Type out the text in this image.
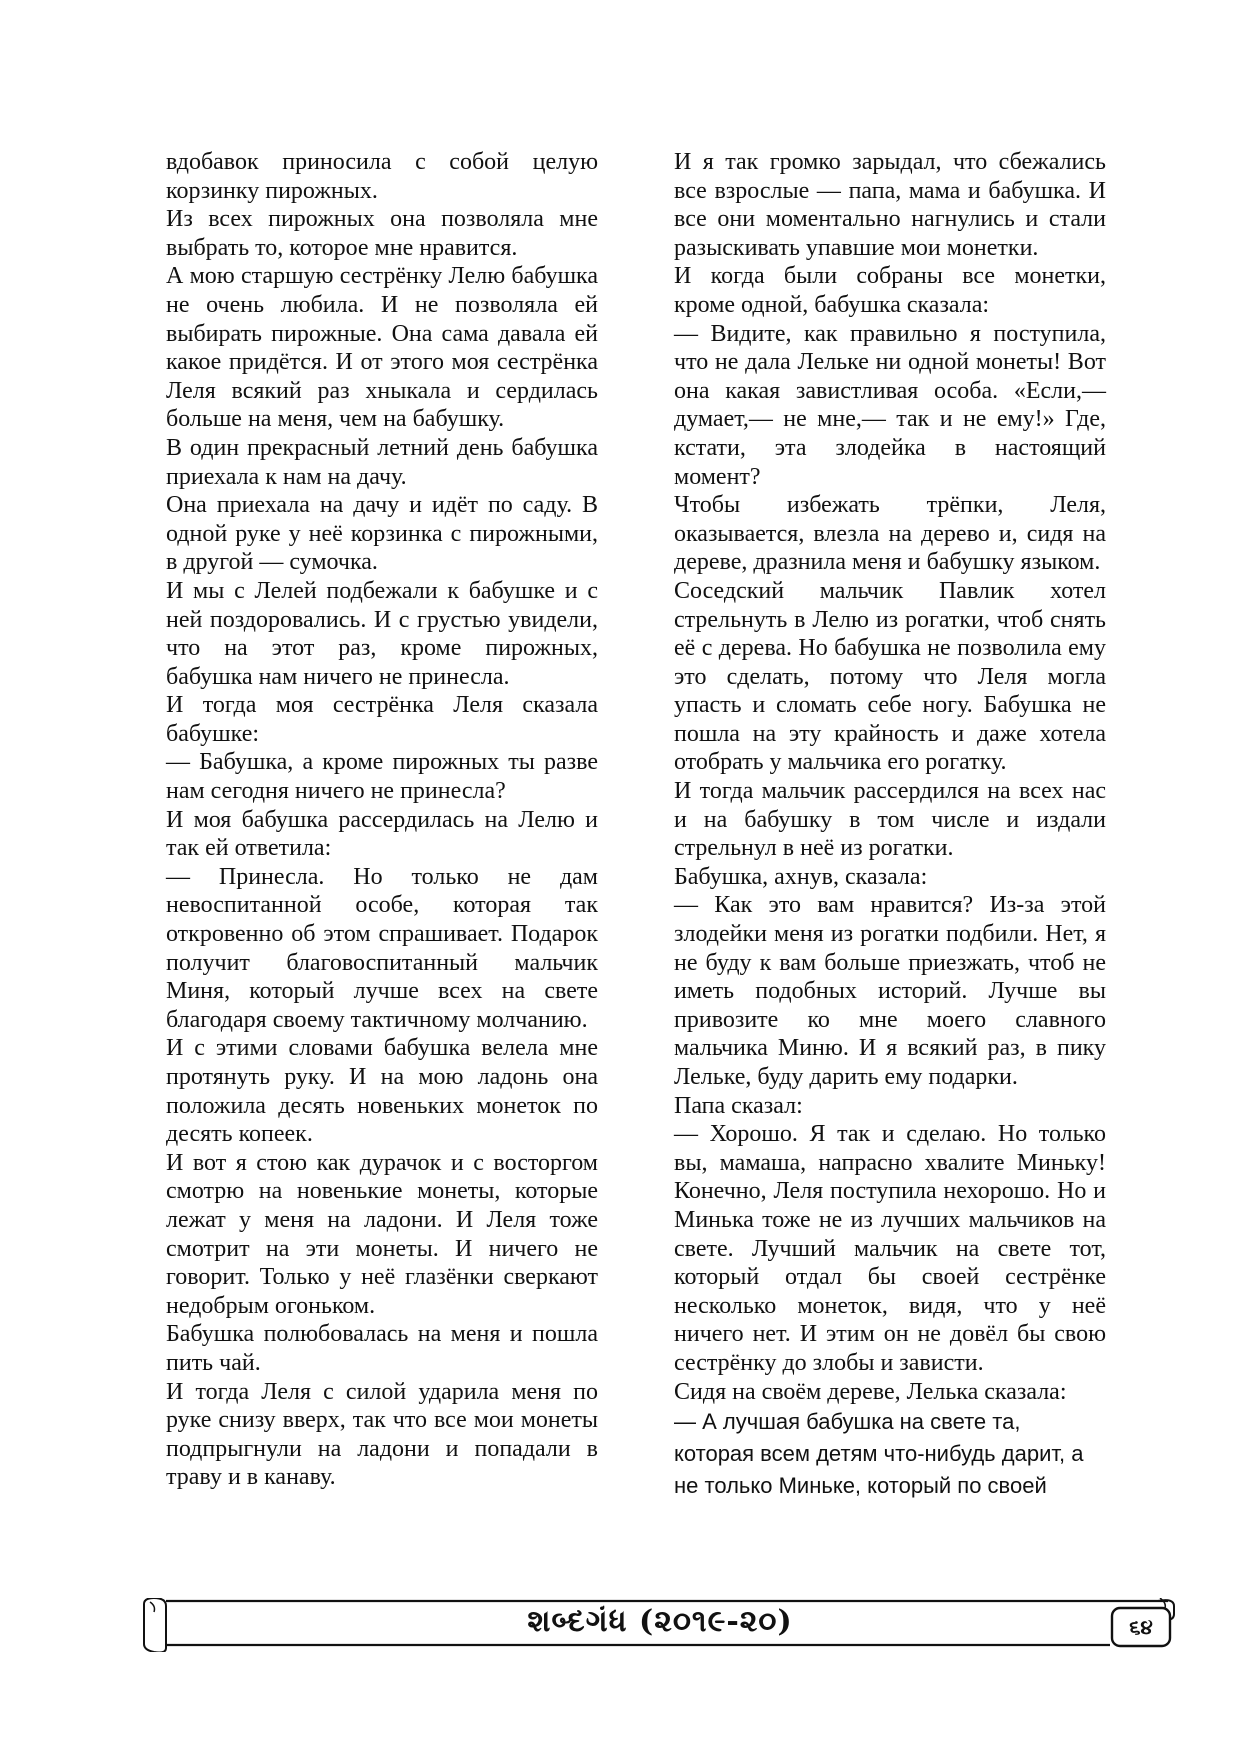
вдобавок приносила с собой целую корзинку пирожных.

Из всех пирожных она позволяла мне выбрать то, которое мне нравится.

А мою старшую сестрёнку Лелю бабушка не очень любила. И не позволяла ей выбирать пирожные. Она сама давала ей какое придётся. И от этого моя сестрёнка Леля всякий раз хныкала и сердилась больше на меня, чем на бабушку.

В один прекрасный летний день бабушка приехала к нам на дачу.

Она приехала на дачу и идёт по саду. В одной руке у неё корзинка с пирожными, в другой — сумочка.

И мы с Лелей подбежали к бабушке и с ней поздоровались. И с грустью увидели, что на этот раз, кроме пирожных, бабушка нам ничего не принесла.

И тогда моя сестрёнка Леля сказала бабушке:

— Бабушка, а кроме пирожных ты разве нам сегодня ничего не принесла?

И моя бабушка рассердилась на Лелю и так ей ответила:

— Принесла. Но только не дам невоспитанной особе, которая так откровенно об этом спрашивает. Подарок получит благовоспитанный мальчик Миня, который лучше всех на свете благодаря своему тактичному молчанию.

И с этими словами бабушка велела мне протянуть руку. И на мою ладонь она положила десять новеньких монеток по десять копеек.

И вот я стою как дурачок и с восторгом смотрю на новенькие монеты, которые лежат у меня на ладони. И Леля тоже смотрит на эти монеты. И ничего не говорит. Только у неё глазёнки сверкают недобрым огоньком.

Бабушка полюбовалась на меня и пошла пить чай.

И тогда Леля с силой ударила меня по руке снизу вверх, так что все мои монеты подпрыгнули на ладони и попадали в траву и в канаву.

И я так громко зарыдал, что сбежались все взрослые — папа, мама и бабушка. И все они моментально нагнулись и стали разыскивать упавшие мои монетки.

И когда были собраны все монетки, кроме одной, бабушка сказала:

— Видите, как правильно я поступила, что не дала Лельке ни одной монеты! Вот она какая завистливая особа. «Если,— думает,— не мне,— так и не ему!» Где, кстати, эта злодейка в настоящий момент?

Чтобы избежать трёпки, Леля, оказывается, влезла на дерево и, сидя на дереве, дразнила меня и бабушку языком.

Соседский мальчик Павлик хотел стрельнуть в Лелю из рогатки, чтоб снять её с дерева. Но бабушка не позволила ему это сделать, потому что Леля могла упасть и сломать себе ногу. Бабушка не пошла на эту крайность и даже хотела отобрать у мальчика его рогатку.

И тогда мальчик рассердился на всех нас и на бабушку в том числе и издали стрельнул в неё из рогатки.

Бабушка, ахнув, сказала:

— Как это вам нравится? Из-за этой злодейки меня из рогатки подбили. Нет, я не буду к вам больше приезжать, чтоб не иметь подобных историй. Лучше вы привозите ко мне моего славного мальчика Миню. И я всякий раз, в пику Лельке, буду дарить ему подарки.

Папа сказал:

— Хорошо. Я так и сделаю. Но только вы, мамаша, напрасно хвалите Миньку! Конечно, Леля поступила нехорошо. Но и Минька тоже не из лучших мальчиков на свете. Лучший мальчик на свете тот, который отдал бы своей сестрёнке несколько монеток, видя, что у неё ничего нет. И этим он не довёл бы свою сестрёнку до злобы и зависти.

Сидя на своём дереве, Лелька сказала:

— А лучшая бабушка на свете та, которая всем детям что-нибудь дарит, а не только Миньке, который по своей

શબ્દગંધ (૨૦૧૯-૨૦)	૬૪
